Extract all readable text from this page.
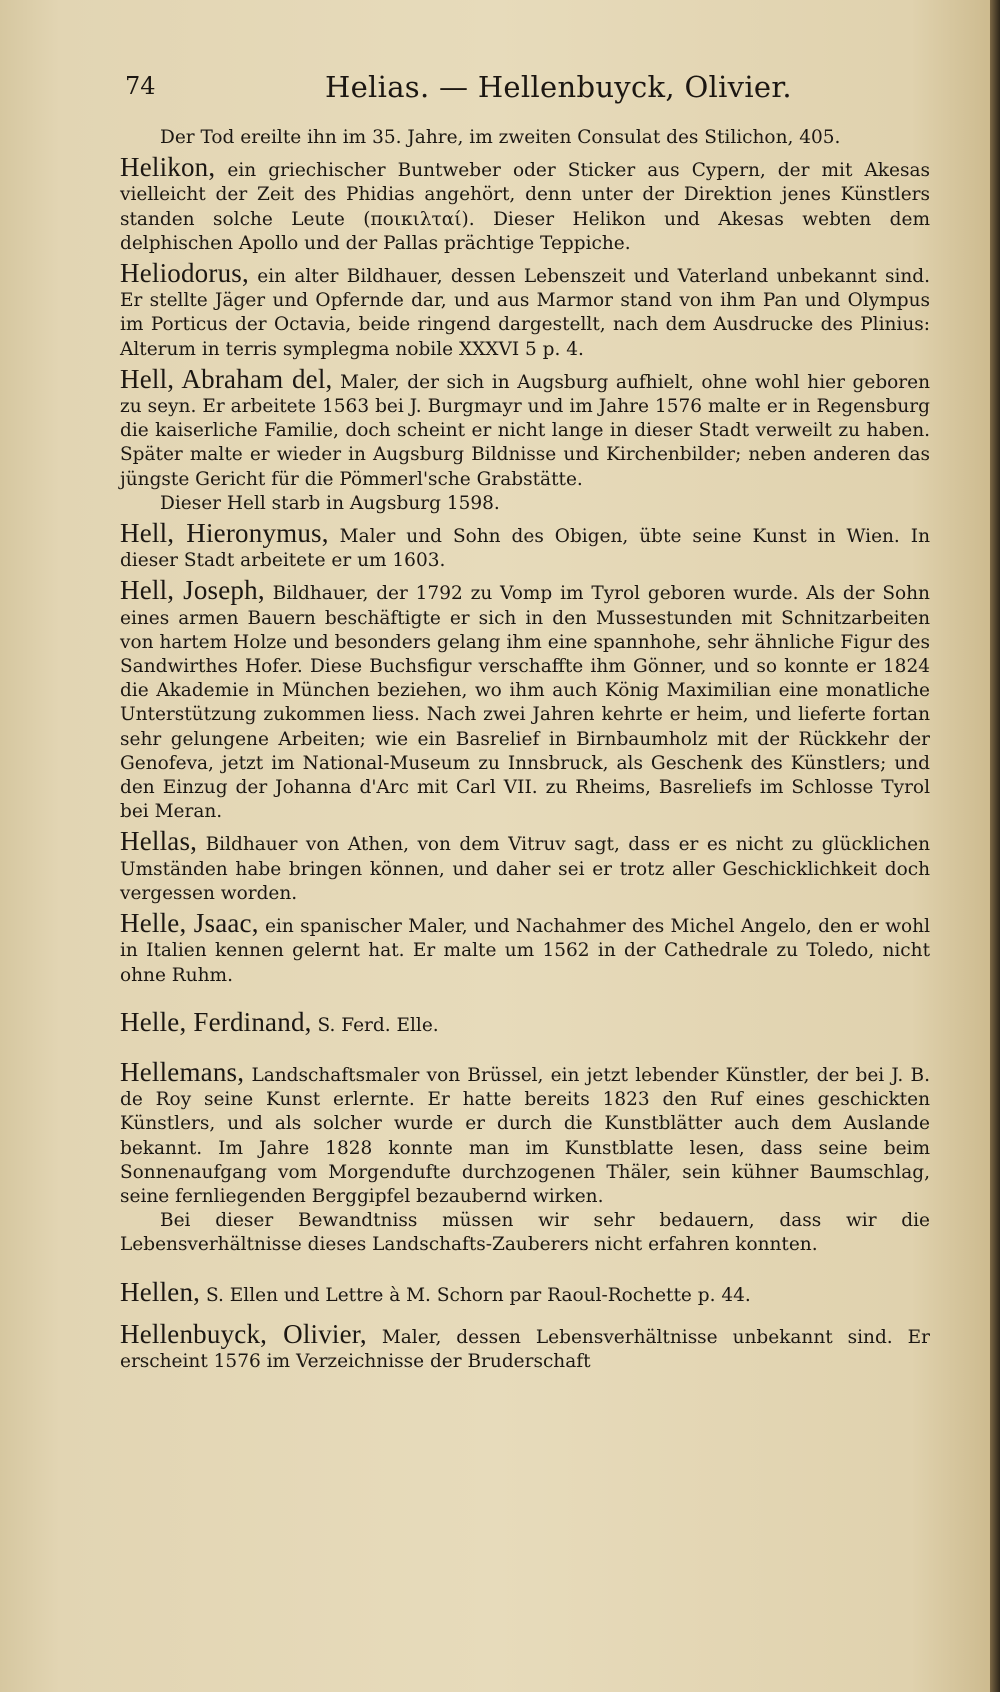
74	Helias. — Hellenbuyck, Olivier.

Der Tod ereilte ihn im 35. Jahre, im zweiten Consulat des Stilichon, 405.

Helikon, ein griechischer Buntweber oder Sticker aus Cypern, der mit Akesas vielleicht der Zeit des Phidias angehört, denn unter der Direktion jenes Künstlers standen solche Leute (ποικιλταί). Dieser Helikon und Akesas webten dem delphischen Apollo und der Pallas prächtige Teppiche.

Heliodorus, ein alter Bildhauer, dessen Lebenszeit und Vaterland unbekannt sind. Er stellte Jäger und Opfernde dar, und aus Marmor stand von ihm Pan und Olympus im Porticus der Octavia, beide ringend dargestellt, nach dem Ausdrucke des Plinius: Alterum in terris symplegma nobile XXXVI 5 p. 4.

Hell, Abraham del, Maler, der sich in Augsburg aufhielt, ohne wohl hier geboren zu seyn. Er arbeitete 1563 bei J. Burgmayr und im Jahre 1576 malte er in Regensburg die kaiserliche Familie, doch scheint er nicht lange in dieser Stadt verweilt zu haben. Später malte er wieder in Augsburg Bildnisse und Kirchenbilder; neben anderen das jüngste Gericht für die Pömmerl'sche Grabstätte.
Dieser Hell starb in Augsburg 1598.

Hell, Hieronymus, Maler und Sohn des Obigen, übte seine Kunst in Wien. In dieser Stadt arbeitete er um 1603.

Hell, Joseph, Bildhauer, der 1792 zu Vomp im Tyrol geboren wurde. Als der Sohn eines armen Bauern beschäftigte er sich in den Mussestunden mit Schnitzarbeiten von hartem Holze und besonders gelang ihm eine spannhohe, sehr ähnliche Figur des Sandwirthes Hofer. Diese Buchsfigur verschaffte ihm Gönner, und so konnte er 1824 die Akademie in München beziehen, wo ihm auch König Maximilian eine monatliche Unterstützung zukommen liess. Nach zwei Jahren kehrte er heim, und lieferte fortan sehr gelungene Arbeiten; wie ein Basrelief in Birnbaumholz mit der Rückkehr der Genofeva, jetzt im National-Museum zu Innsbruck, als Geschenk des Künstlers; und den Einzug der Johanna d'Arc mit Carl VII. zu Rheims, Basreliefs im Schlosse Tyrol bei Meran.

Hellas, Bildhauer von Athen, von dem Vitruv sagt, dass er es nicht zu glücklichen Umständen habe bringen können, und daher sei er trotz aller Geschicklichkeit doch vergessen worden.

Helle, Jsaac, ein spanischer Maler, und Nachahmer des Michel Angelo, den er wohl in Italien kennen gelernt hat. Er malte um 1562 in der Cathedrale zu Toledo, nicht ohne Ruhm.

Helle, Ferdinand, S. Ferd. Elle.

Hellemans, Landschaftsmaler von Brüssel, ein jetzt lebender Künstler, der bei J. B. de Roy seine Kunst erlernte. Er hatte bereits 1823 den Ruf eines geschickten Künstlers, und als solcher wurde er durch die Kunstblätter auch dem Auslande bekannt. Im Jahre 1828 konnte man im Kunstblatte lesen, dass seine beim Sonnenaufgang vom Morgendufte durchzogenen Thäler, sein kühner Baumschlag, seine fernliegenden Berggipfel bezaubernd wirken.
Bei dieser Bewandtniss müssen wir sehr bedauern, dass wir die Lebensverhältnisse dieses Landschafts-Zauberers nicht erfahren konnten.

Hellen, S. Ellen und Lettre à M. Schorn par Raoul-Rochette p. 44.

Hellenbuyck, Olivier, Maler, dessen Lebensverhältnisse unbekannt sind. Er erscheint 1576 im Verzeichnisse der Bruderschaft
